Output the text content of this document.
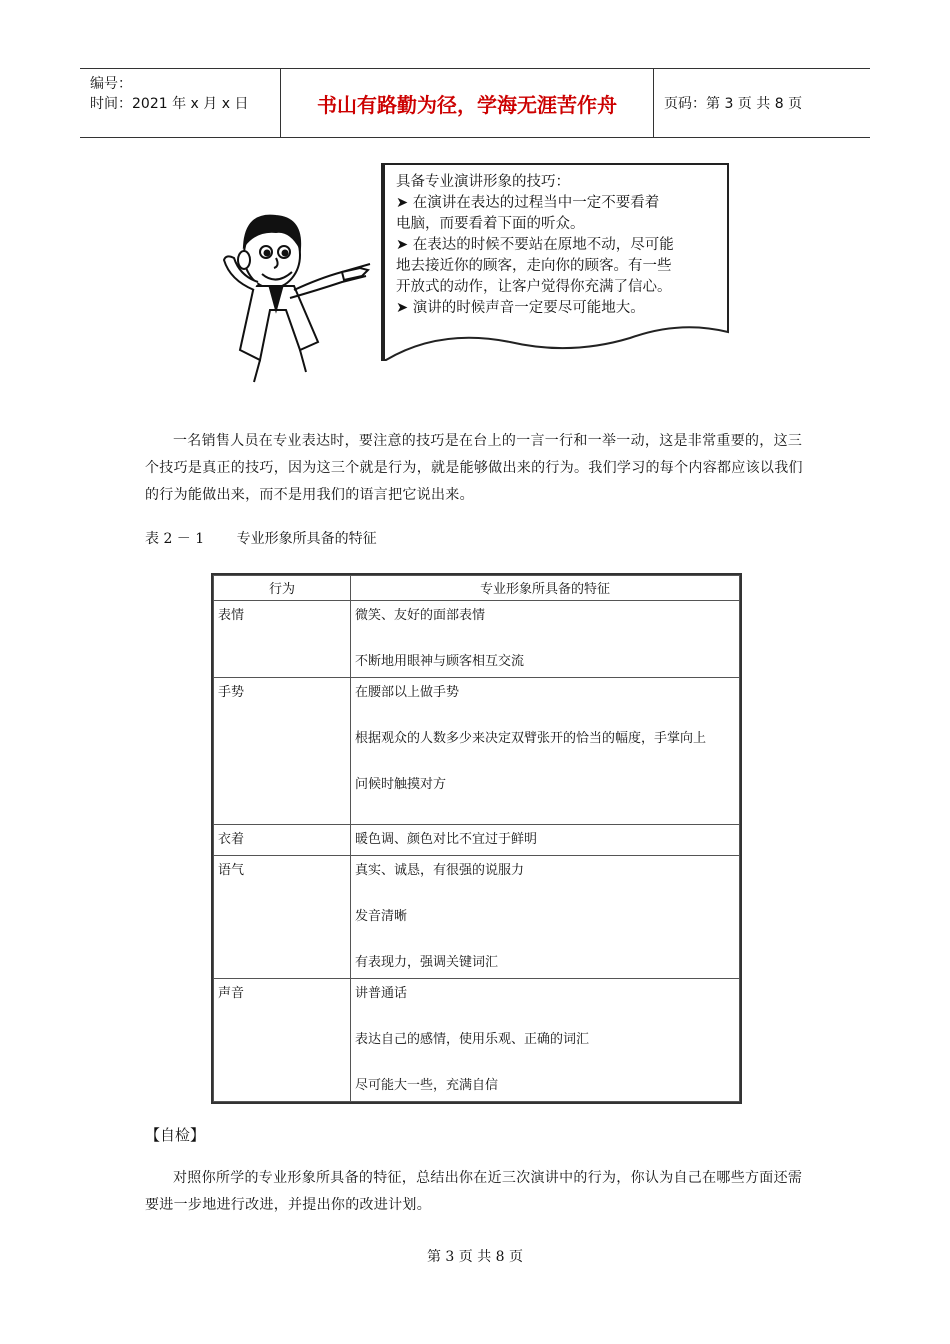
编号：
时间：2021 年 x 月 x 日	书山有路勤为径，学海无涯苦作舟	页码：第 3 页 共 8 页
具备专业演讲形象的技巧：
➤ 在演讲在表达的过程当中一定不要看着
电脑，而要看着下面的听众。
➤ 在表达的时候不要站在原地不动，尽可能
地去接近你的顾客，走向你的顾客。有一些
开放式的动作，让客户觉得你充满了信心。
➤ 演讲的时候声音一定要尽可能地大。
一名销售人员在专业表达时，要注意的技巧是在台上的一言一行和一举一动，这是非常重要的，这三个技巧是真正的技巧，因为这三个就是行为，就是能够做出来的行为。我们学习的每个内容都应该以我们的行为能做出来，而不是用我们的语言把它说出来。
表 2 － 1 专业形象所具备的特征
行为	专业形象所具备的特征
表情	微笑、友好的面部表情
不断地用眼神与顾客相互交流

手势	在腰部以上做手势
根据观众的人数多少来决定双臂张开的恰当的幅度，手掌向上
问候时触摸对方

衣着	暖色调、颜色对比不宜过于鲜明

语气	真实、诚恳，有很强的说服力
发音清晰
有表现力，强调关键词汇

声音	讲普通话
表达自己的感情，使用乐观、正确的词汇
尽可能大一些，充满自信
【自检】
对照你所学的专业形象所具备的特征，总结出你在近三次演讲中的行为，你认为自己在哪些方面还需要进一步地进行改进，并提出你的改进计划。
第 3 页 共 8 页
